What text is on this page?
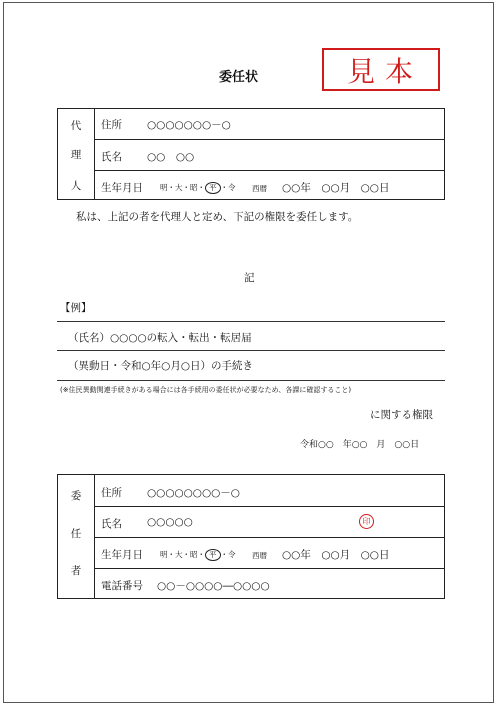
委任状	見本
代
理
人
住所 ○○○○○○○－○
氏名 ○○　○○
生年月日 明・大・昭・ 平 ・令 西暦 ○○年　○○月　○○日
私は、上記の者を代理人と定め、下記の権限を委任します。
記
【例】
（氏名）○○○○の転入・転出・転居届
（異動日・令和○年○月○日）の手続き
(※住民異動関連手続きがある場合には各手続用の委任状が必要なため、各課に確認すること)
に関する権限
令和○○　年○○　月　○○日
委
任
者
住所 ○○○○○○○○－○
氏名 ○○○○○	印
生年月日 明・大・昭・ 平 ・令 西暦 ○○年　○○月　○○日
電話番号 ○○－○○○○―○○○○
